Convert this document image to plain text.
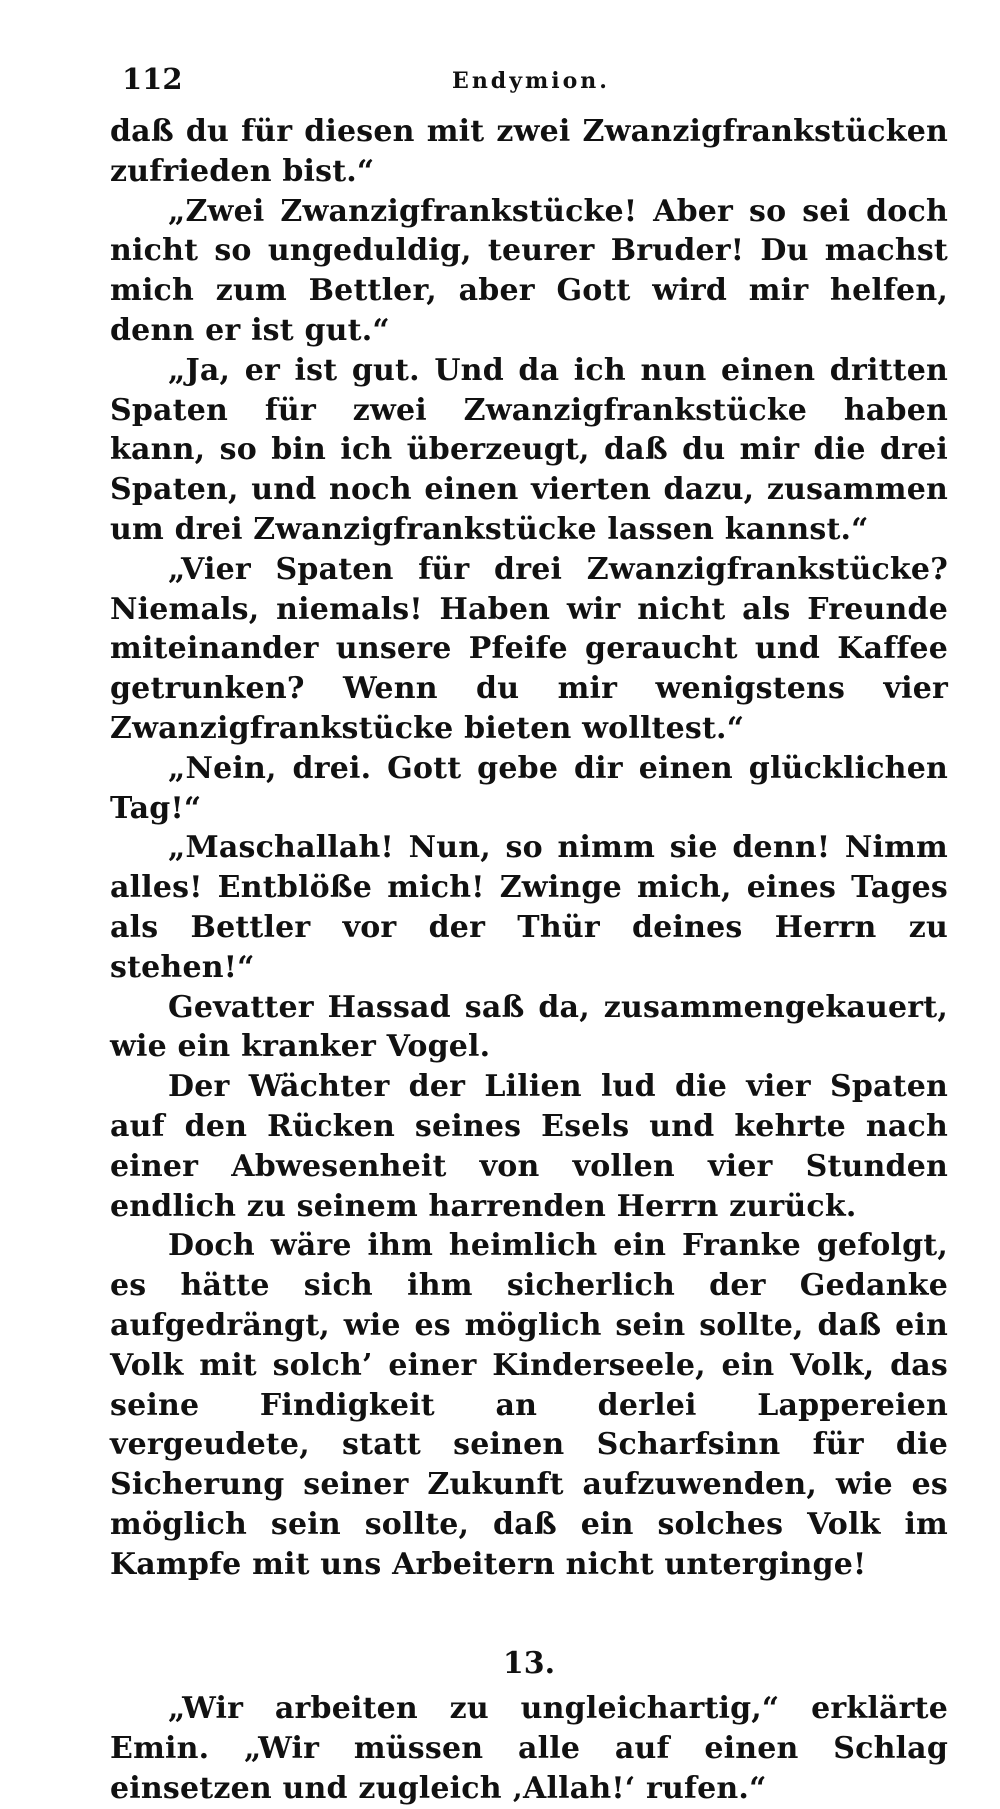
112	Endymion.

daß du für diesen mit zwei Zwanzigfrankstücken zufrieden bist.“

„Zwei Zwanzigfrankstücke! Aber so sei doch nicht so ungeduldig, teurer Bruder! Du machst mich zum Bettler, aber Gott wird mir helfen, denn er ist gut.“

„Ja, er ist gut. Und da ich nun einen dritten Spaten für zwei Zwanzigfrankstücke haben kann, so bin ich überzeugt, daß du mir die drei Spaten, und noch einen vierten dazu, zusammen um drei Zwanzigfrankstücke lassen kannst.“

„Vier Spaten für drei Zwanzigfrankstücke? Niemals, niemals! Haben wir nicht als Freunde miteinander unsere Pfeife geraucht und Kaffee getrunken? Wenn du mir wenigstens vier Zwanzigfrankstücke bieten wolltest.“

„Nein, drei. Gott gebe dir einen glücklichen Tag!“

„Maschallah! Nun, so nimm sie denn! Nimm alles! Entblöße mich! Zwinge mich, eines Tages als Bettler vor der Thür deines Herrn zu stehen!“

Gevatter Hassad saß da, zusammengekauert, wie ein kranker Vogel.

Der Wächter der Lilien lud die vier Spaten auf den Rücken seines Esels und kehrte nach einer Abwesenheit von vollen vier Stunden endlich zu seinem harrenden Herrn zurück.

Doch wäre ihm heimlich ein Franke gefolgt, es hätte sich ihm sicherlich der Gedanke aufgedrängt, wie es möglich sein sollte, daß ein Volk mit solch’ einer Kinderseele, ein Volk, das seine Findigkeit an derlei Lappereien vergeudete, statt seinen Scharfsinn für die Sicherung seiner Zukunft aufzuwenden, wie es möglich sein sollte, daß ein solches Volk im Kampfe mit uns Arbeitern nicht unterginge!

13.

„Wir arbeiten zu ungleichartig,“ erklärte Emin. „Wir müssen alle auf einen Schlag einsetzen und zugleich ‚Allah!‘ rufen.“
